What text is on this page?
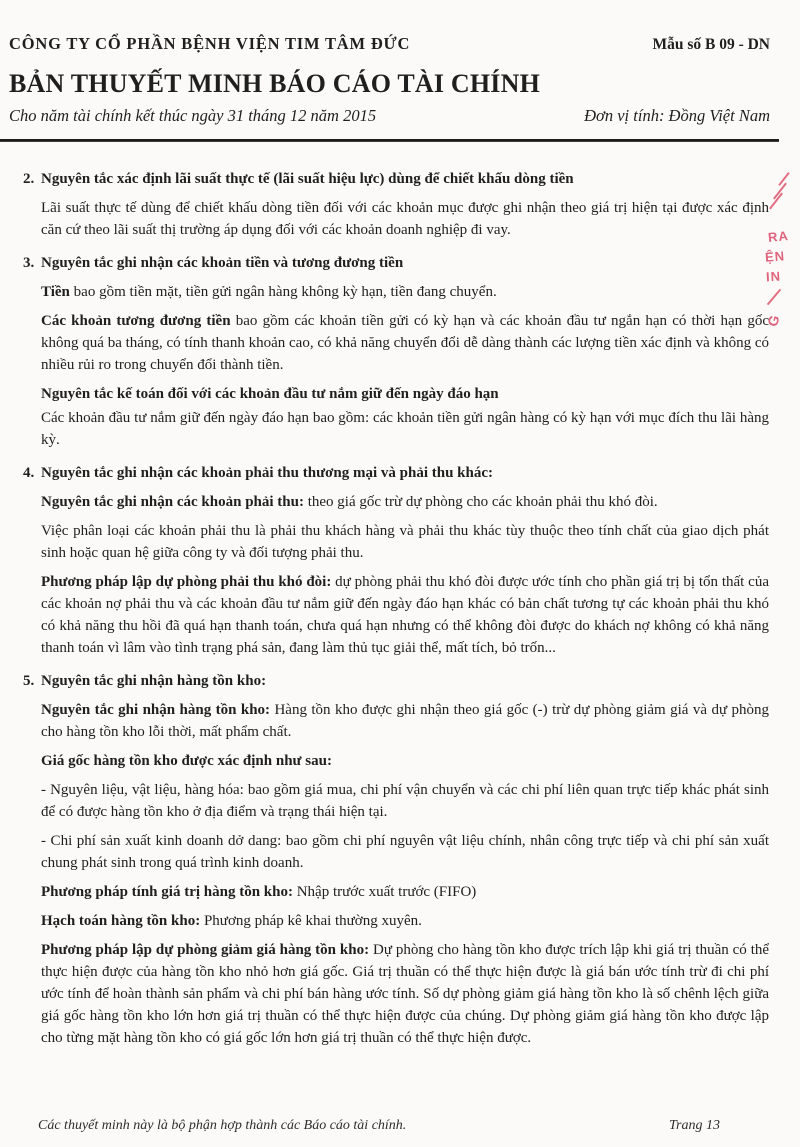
CÔNG TY CỔ PHẦN BỆNH VIỆN TIM TÂM ĐỨC	Mẫu số B 09 - DN
BẢN THUYẾT MINH BÁO CÁO TÀI CHÍNH
Cho năm tài chính kết thúc ngày 31 tháng 12 năm 2015	Đơn vị tính: Đồng Việt Nam
RA
ỆN
IN
G
2. Nguyên tắc xác định lãi suất thực tế (lãi suất hiệu lực) dùng để chiết khấu dòng tiền

Lãi suất thực tế dùng để chiết khấu dòng tiền đối với các khoản mục được ghi nhận theo giá trị hiện tại được xác định căn cứ theo lãi suất thị trường áp dụng đối với các khoản doanh nghiệp đi vay.

3. Nguyên tắc ghi nhận các khoản tiền và tương đương tiền

Tiền bao gồm tiền mặt, tiền gửi ngân hàng không kỳ hạn, tiền đang chuyển.

Các khoản tương đương tiền bao gồm các khoản tiền gửi có kỳ hạn và các khoản đầu tư ngắn hạn có thời hạn gốc không quá ba tháng, có tính thanh khoản cao, có khả năng chuyển đổi dễ dàng thành các lượng tiền xác định và không có nhiều rủi ro trong chuyển đổi thành tiền.

Nguyên tắc kế toán đối với các khoản đầu tư nắm giữ đến ngày đáo hạn

Các khoản đầu tư nắm giữ đến ngày đáo hạn bao gồm: các khoản tiền gửi ngân hàng có kỳ hạn với mục đích thu lãi hàng kỳ.

4. Nguyên tắc ghi nhận các khoản phải thu thương mại và phải thu khác:

Nguyên tắc ghi nhận các khoản phải thu: theo giá gốc trừ dự phòng cho các khoản phải thu khó đòi.

Việc phân loại các khoản phải thu là phải thu khách hàng và phải thu khác tùy thuộc theo tính chất của giao dịch phát sinh hoặc quan hệ giữa công ty và đối tượng phải thu.

Phương pháp lập dự phòng phải thu khó đòi: dự phòng phải thu khó đòi được ước tính cho phần giá trị bị tổn thất của các khoản nợ phải thu và các khoản đầu tư nắm giữ đến ngày đáo hạn khác có bản chất tương tự các khoản phải thu khó có khả năng thu hồi đã quá hạn thanh toán, chưa quá hạn nhưng có thể không đòi được do khách nợ không có khả năng thanh toán vì lâm vào tình trạng phá sản, đang làm thủ tục giải thể, mất tích, bỏ trốn...

5. Nguyên tắc ghi nhận hàng tồn kho:

Nguyên tắc ghi nhận hàng tồn kho: Hàng tồn kho được ghi nhận theo giá gốc (-) trừ dự phòng giảm giá và dự phòng cho hàng tồn kho lỗi thời, mất phẩm chất.

Giá gốc hàng tồn kho được xác định như sau:

- Nguyên liệu, vật liệu, hàng hóa: bao gồm giá mua, chi phí vận chuyển và các chi phí liên quan trực tiếp khác phát sinh để có được hàng tồn kho ở địa điểm và trạng thái hiện tại.

- Chi phí sản xuất kinh doanh dở dang: bao gồm chi phí nguyên vật liệu chính, nhân công trực tiếp và chi phí sản xuất chung phát sinh trong quá trình kinh doanh.

Phương pháp tính giá trị hàng tồn kho: Nhập trước xuất trước (FIFO)

Hạch toán hàng tồn kho: Phương pháp kê khai thường xuyên.

Phương pháp lập dự phòng giảm giá hàng tồn kho: Dự phòng cho hàng tồn kho được trích lập khi giá trị thuần có thể thực hiện được của hàng tồn kho nhỏ hơn giá gốc. Giá trị thuần có thể thực hiện được là giá bán ước tính trừ đi chi phí ước tính để hoàn thành sản phẩm và chi phí bán hàng ước tính. Số dự phòng giảm giá hàng tồn kho là số chênh lệch giữa giá gốc hàng tồn kho lớn hơn giá trị thuần có thể thực hiện được của chúng. Dự phòng giảm giá hàng tồn kho được lập cho từng mặt hàng tồn kho có giá gốc lớn hơn giá trị thuần có thể thực hiện được.

Các thuyết minh này là bộ phận hợp thành các Báo cáo tài chính.	Trang 13
